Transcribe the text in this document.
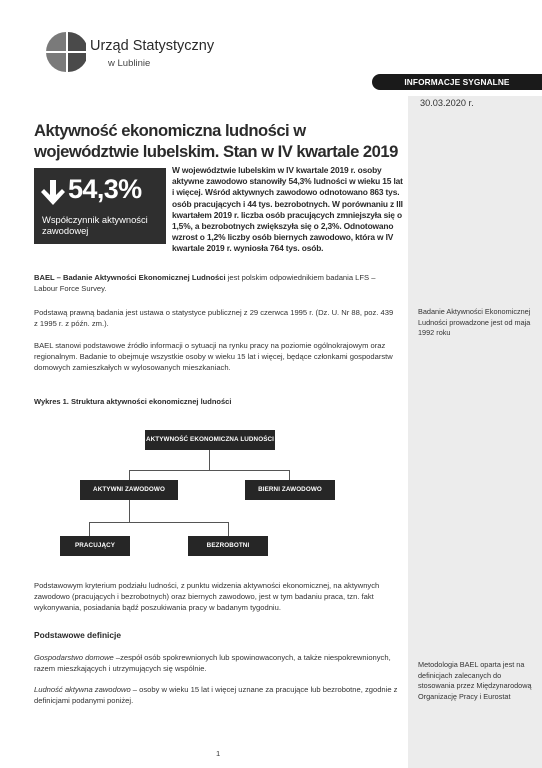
Urząd Statystyczny
w Lublinie
INFORMACJE SYGNALNE
30.03.2020 r.
Aktywność ekonomiczna ludności w województwie lubelskim. Stan w IV kwartale 2019
54,3%
Współczynnik aktywności zawodowej

W województwie lubelskim w IV kwartale 2019 r. osoby aktywne zawodowo stanowiły 54,3% ludności w wieku 15 lat i więcej. Wśród aktywnych zawodowo odnotowano 863 tys. osób pracujących i 44 tys. bezrobotnych. W porównaniu z III kwartałem 2019 r. liczba osób pracujących zmniejszyła się o 1,5%, a bezrobotnych zwiększyła się o 2,3%. Odnotowano wzrost o 1,2% liczby osób biernych zawodowo, która w IV kwartale 2019 r. wyniosła 764 tys. osób.

BAEL – Badanie Aktywności Ekonomicznej Ludności jest polskim odpowiednikiem badania LFS – Labour Force Survey.

Podstawą prawną badania jest ustawa o statystyce publicznej z 29 czerwca 1995 r. (Dz. U. Nr 88, poz. 439 z 1995 r. z późn. zm.).

Badanie Aktywności Ekonomicznej Ludności prowadzone jest od maja 1992 roku

BAEL stanowi podstawowe źródło informacji o sytuacji na rynku pracy na poziomie ogólnokrajowym oraz regionalnym. Badanie to obejmuje wszystkie osoby w wieku 15 lat i więcej, będące członkami gospodarstw domowych zamieszkałych w wylosowanych mieszkaniach.

Wykres 1. Struktura aktywności ekonomicznej ludności
AKTYWNOŚĆ EKONOMICZNA LUDNOŚCI
AKTYWNI ZAWODOWO	BIERNI ZAWODOWO
PRACUJĄCY	BEZROBOTNI

Podstawowym kryterium podziału ludności, z punktu widzenia aktywności ekonomicznej, na aktywnych zawodowo (pracujących i bezrobotnych) oraz biernych zawodowo, jest w tym badaniu praca, tzn. fakt wykonywania, posiadania bądź poszukiwania pracy w badanym tygodniu.

Podstawowe definicje

Gospodarstwo domowe –zespół osób spokrewnionych lub spowinowaconych, a także niespokrewnionych, razem mieszkających i utrzymujących się wspólnie.

Ludność aktywna zawodowo – osoby w wieku 15 lat i więcej uznane za pracujące lub bezrobotne, zgodnie z definicjami podanymi poniżej.

Metodologia BAEL oparta jest na definicjach zalecanych do stosowania przez Międzynarodową Organizację Pracy i Eurostat

1
